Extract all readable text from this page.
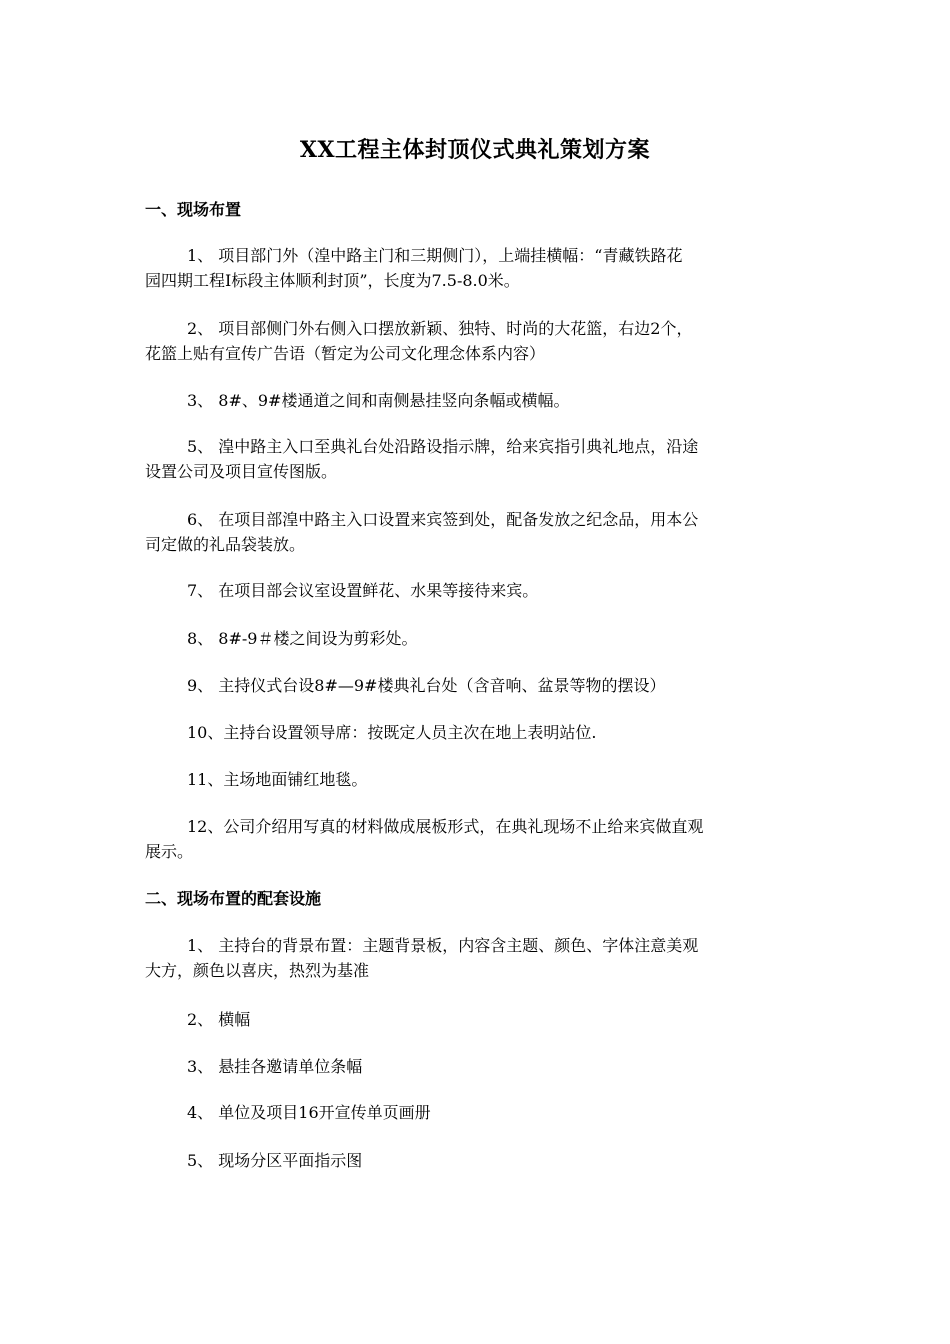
XX工程主体封顶仪式典礼策划方案
一、现场布置
1、 项目部门外（湟中路主门和三期侧门），上端挂横幅：“青藏铁路花
园四期工程Ⅰ标段主体顺利封顶”，长度为7.5-8.0米。
2、 项目部侧门外右侧入口摆放新颖、独特、时尚的大花篮，右边2个，
花篮上贴有宣传广告语（暂定为公司文化理念体系内容）
3、 8#、9#楼通道之间和南侧悬挂竖向条幅或横幅。
5、 湟中路主入口至典礼台处沿路设指示牌，给来宾指引典礼地点，沿途
设置公司及项目宣传图版。
6、 在项目部湟中路主入口设置来宾签到处，配备发放之纪念品，用本公
司定做的礼品袋装放。
7、 在项目部会议室设置鲜花、水果等接待来宾。
8、 8#-9＃楼之间设为剪彩处。
9、 主持仪式台设8#—9#楼典礼台处（含音响、盆景等物的摆设）
10、主持台设置领导席：按既定人员主次在地上表明站位.
11、主场地面铺红地毯。
12、公司介绍用写真的材料做成展板形式，在典礼现场不止给来宾做直观
展示。
二、现场布置的配套设施
1、 主持台的背景布置：主题背景板，内容含主题、颜色、字体注意美观
大方，颜色以喜庆，热烈为基准
2、 横幅
3、 悬挂各邀请单位条幅
4、 单位及项目16开宣传单页画册
5、 现场分区平面指示图
